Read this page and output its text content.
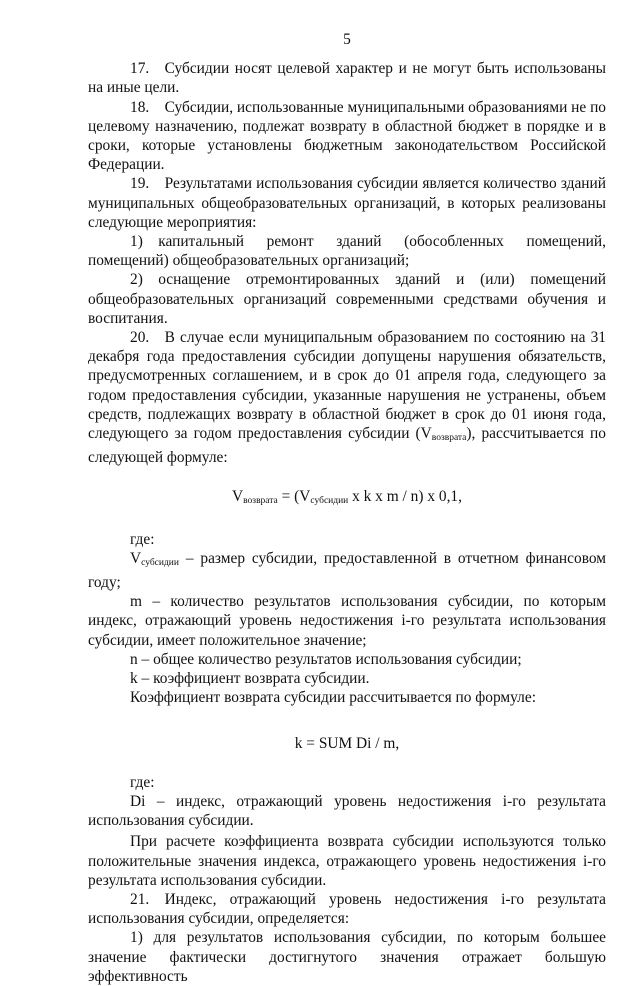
5

17. Субсидии носят целевой характер и не могут быть использованы на иные цели.

18. Субсидии, использованные муниципальными образованиями не по целевому назначению, подлежат возврату в областной бюджет в порядке и в сроки, которые установлены бюджетным законодательством Российской Федерации.

19. Результатами использования субсидии является количество зданий муниципальных общеобразовательных организаций, в которых реализованы следующие мероприятия:

1) капитальный ремонт зданий (обособленных помещений, помещений) общеобразовательных организаций;

2) оснащение отремонтированных зданий и (или) помещений общеобразовательных организаций современными средствами обучения и воспитания.

20. В случае если муниципальным образованием по состоянию на 31 декабря года предоставления субсидии допущены нарушения обязательств, предусмотренных соглашением, и в срок до 01 апреля года, следующего за годом предоставления субсидии, указанные нарушения не устранены, объем средств, подлежащих возврату в областной бюджет в срок до 01 июня года, следующего за годом предоставления субсидии $(V_{возврата})$, рассчитывается по следующей формуле:

$V_{возврата} = (V_{субсидии}$ x k x m / n) x 0,1,

где:

$V_{субсидии}$ – размер субсидии, предоставленной в отчетном финансовом году;

m – количество результатов использования субсидии, по которым индекс, отражающий уровень недостижения i-го результата использования субсидии, имеет положительное значение;

n – общее количество результатов использования субсидии;

k – коэффициент возврата субсидии.

Коэффициент возврата субсидии рассчитывается по формуле:

k = SUM Di / m,

где:

Di – индекс, отражающий уровень недостижения i-го результата использования субсидии.

При расчете коэффициента возврата субсидии используются только положительные значения индекса, отражающего уровень недостижения i-го результата использования субсидии.

21. Индекс, отражающий уровень недостижения i-го результата использования субсидии, определяется:

1) для результатов использования субсидии, по которым большее значение фактически достигнутого значения отражает большую эффективность
